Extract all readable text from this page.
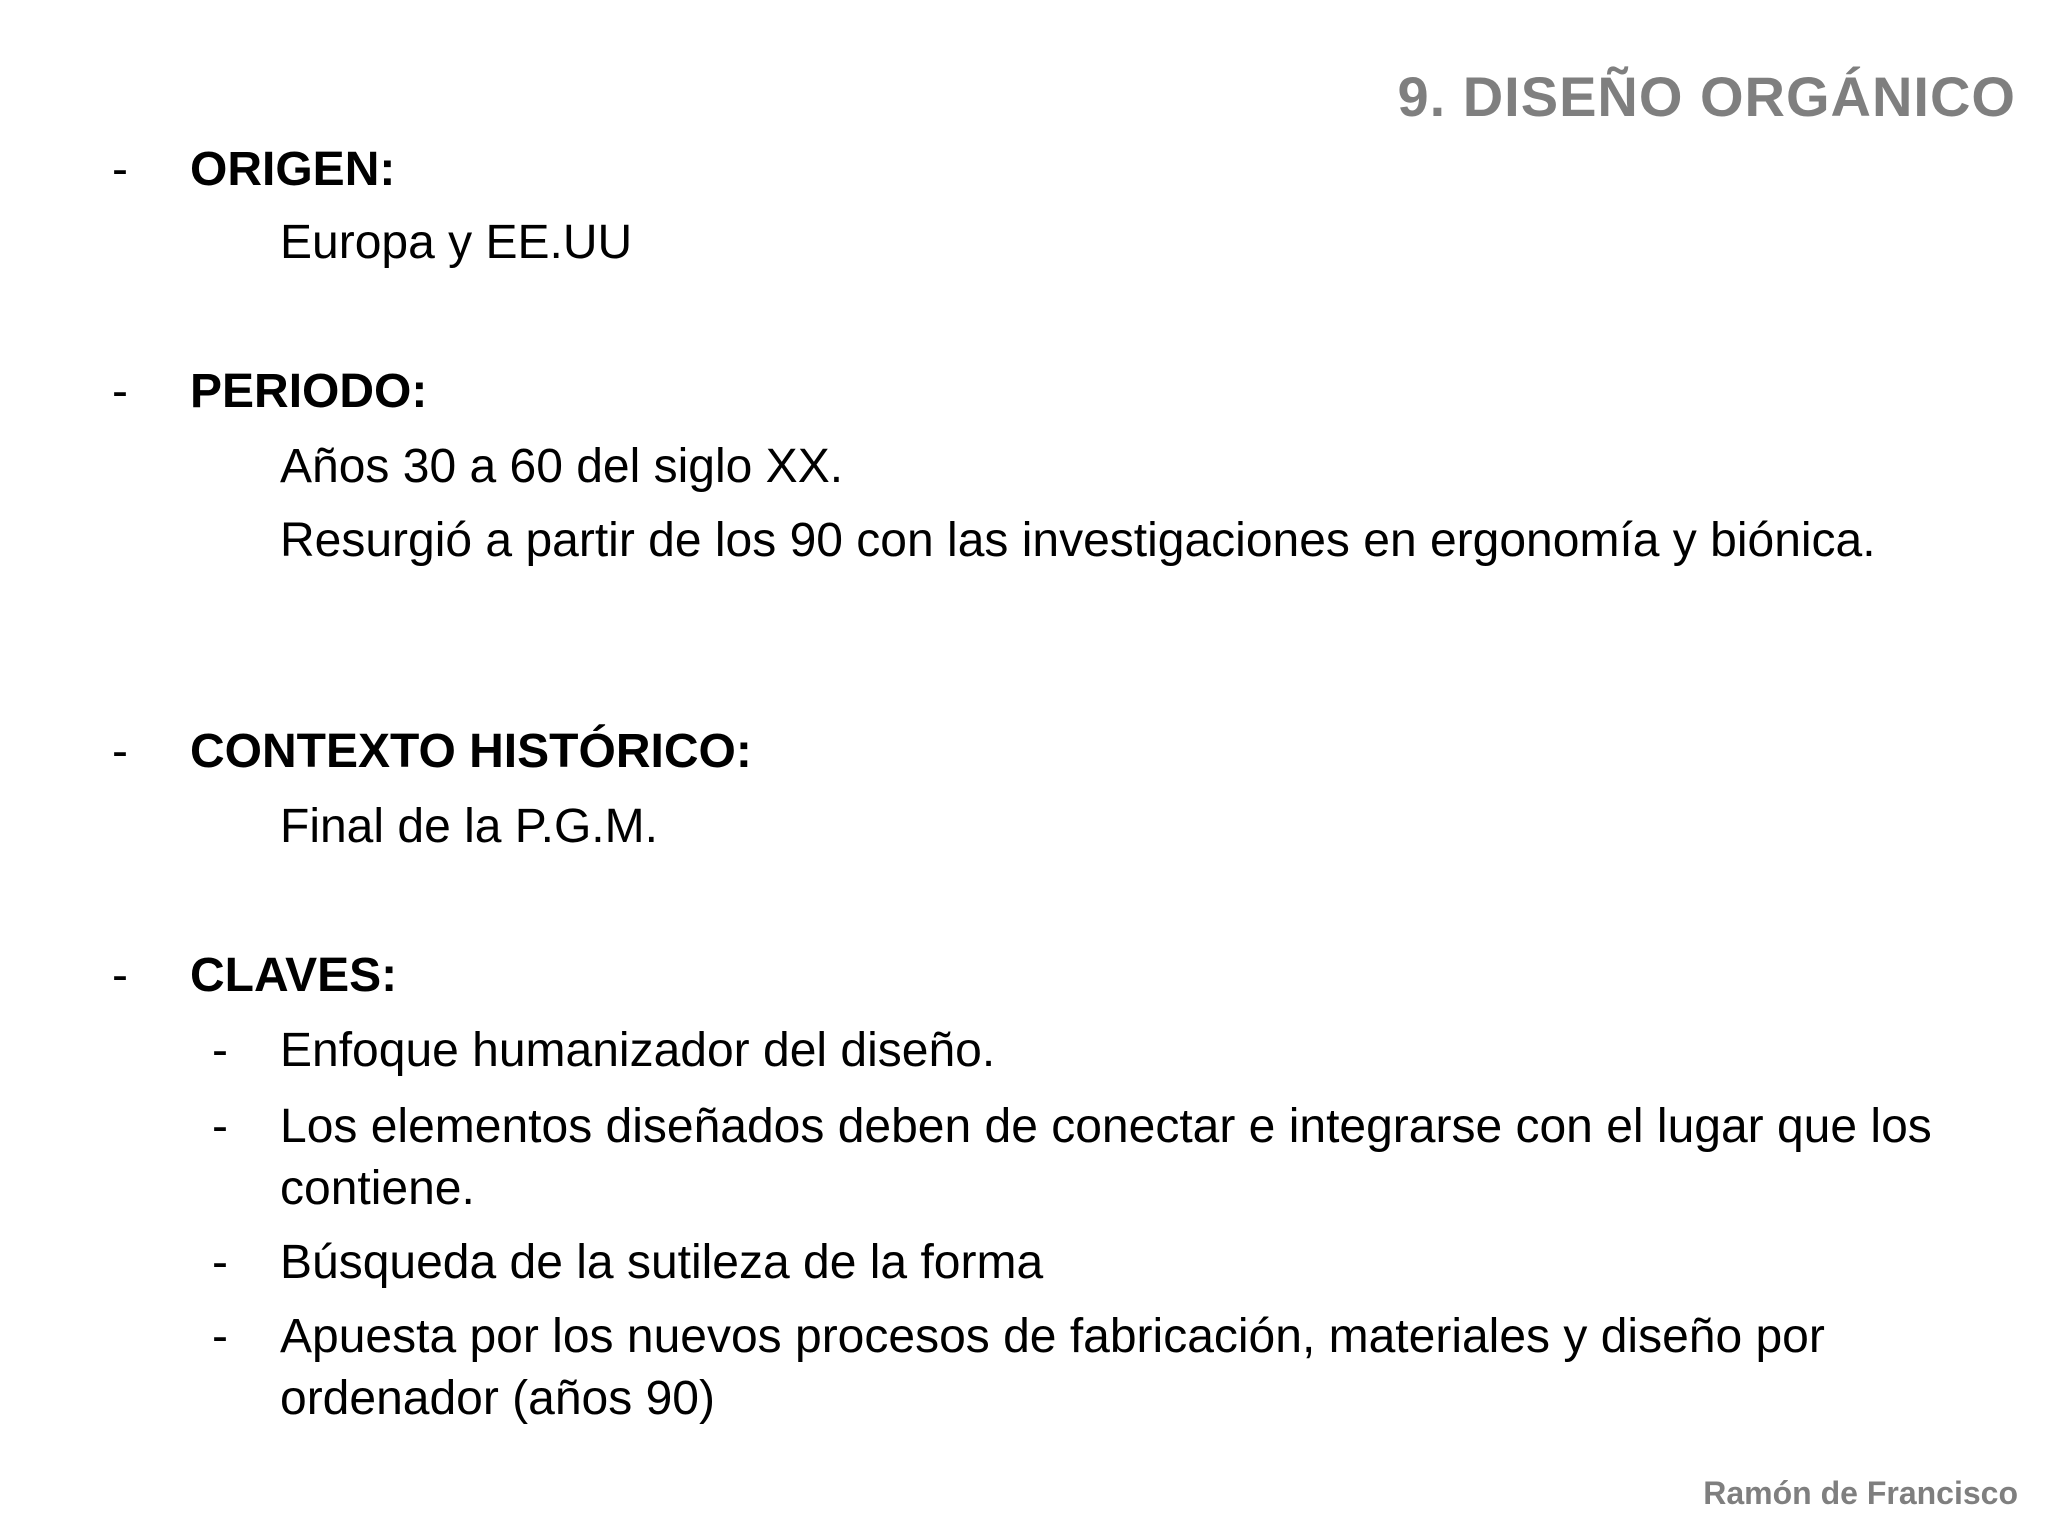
9. DISEÑO ORGÁNICO
- ORIGEN:
Europa y EE.UU
- PERIODO:
Años 30 a 60 del siglo XX.
Resurgió a partir de los 90 con las investigaciones en ergonomía y biónica.
- CONTEXTO HISTÓRICO:
Final de la P.G.M.
- CLAVES:
- Enfoque humanizador del diseño.
- Los elementos diseñados deben de conectar e integrarse con el lugar que los contiene.
- Búsqueda de la sutileza de la forma
- Apuesta por los nuevos procesos de fabricación, materiales y diseño por ordenador (años 90)
Ramón de Francisco
